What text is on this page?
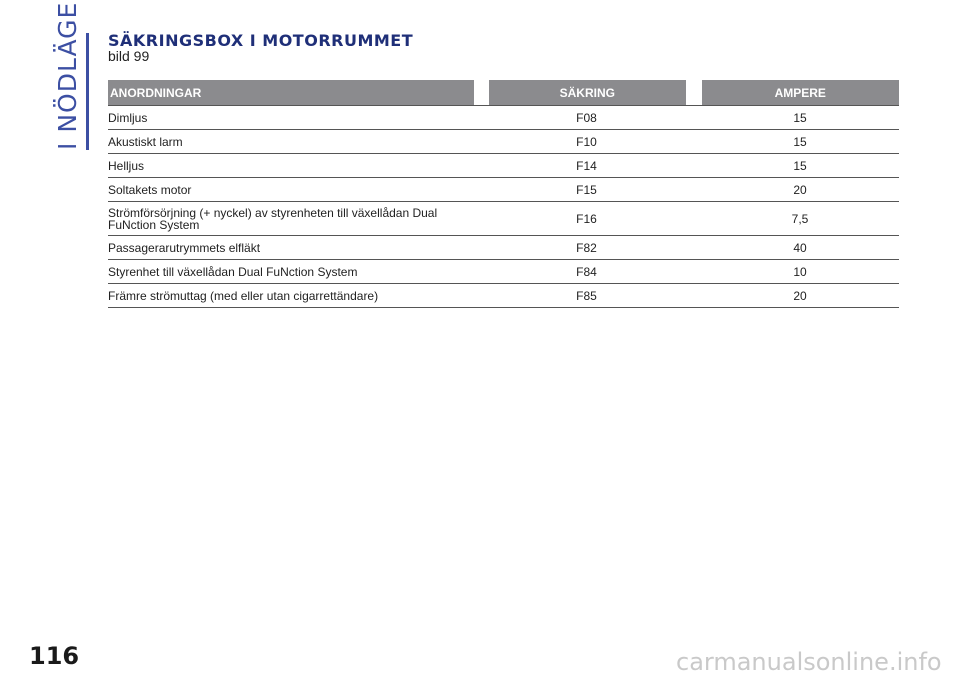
I NÖDLÄGE SÄKRINGSBOX I MOTORRUMMET
bild 99
ANORDNINGAR	SÄKRING	AMPERE
Dimljus	F08	15
Akustiskt larm	F10	15
Helljus	F14	15
Soltakets motor	F15	20
Strömförsörjning (+ nyckel) av styrenheten till växellådan Dual FuNction System	F16	7,5
Passagerarutrymmets elfläkt	F82	40
Styrenhet till växellådan Dual FuNction System	F84	10
Främre strömuttag (med eller utan cigarrettändare)	F85	20
116	carmanualsonline.info
